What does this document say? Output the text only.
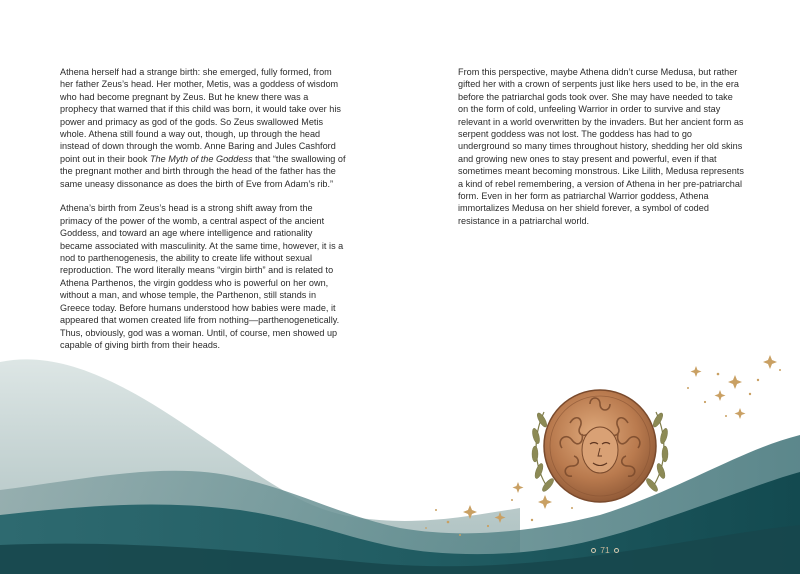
Athena herself had a strange birth: she emerged, fully formed, from her father Zeus’s head. Her mother, Metis, was a goddess of wisdom who had become pregnant by Zeus. But he knew there was a prophecy that warned that if this child was born, it would take over his power and primacy as god of the gods. So Zeus swallowed Metis whole. Athena still found a way out, though, up through the head instead of down through the womb. Anne Baring and Jules Cashford point out in their book The Myth of the Goddess that “the swallowing of the pregnant mother and birth through the head of the father has the same uneasy dissonance as does the birth of Eve from Adam’s rib.”

Athena’s birth from Zeus’s head is a strong shift away from the primacy of the power of the womb, a central aspect of the ancient Goddess, and toward an age where intelligence and rationality became associated with masculinity. At the same time, however, it is a nod to parthenogenesis, the ability to create life without sexual reproduction. The word literally means “virgin birth” and is related to Athena Parthenos, the virgin goddess who is powerful on her own, without a man, and whose temple, the Parthenon, still stands in Greece today. Before humans understood how babies were made, it appeared that women created life from nothing—parthenogenetically. Thus, obviously, god was a woman. Until, of course, men showed up capable of giving birth from their heads.

From this perspective, maybe Athena didn’t curse Medusa, but rather gifted her with a crown of serpents just like hers used to be, in the era before the patriarchal gods took over. She may have needed to take on the form of cold, unfeeling Warrior in order to survive and stay relevant in a world overwritten by the invaders. But her ancient form as serpent goddess was not lost. The goddess has had to go underground so many times throughout history, shedding her old skins and growing new ones to stay present and powerful, even if that sometimes meant becoming monstrous. Like Lilith, Medusa represents a kind of rebel remembering, a version of Athena in her pre-patriarchal form. Even in her form as patriarchal Warrior goddess, Athena immortalizes Medusa on her shield forever, a symbol of coded resistance in a patriarchal world.

71
